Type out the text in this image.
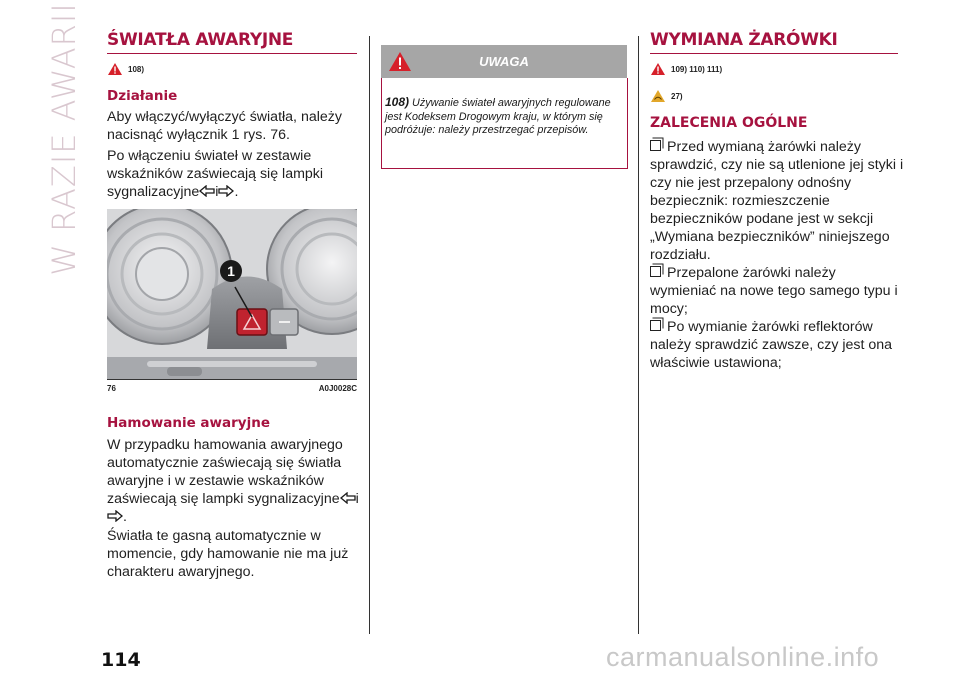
W RAZIE AWARII ŚWIATŁA AWARYJNE
108)
Działanie
Aby włączyć/wyłączyć światła, należy nacisnąć wyłącznik 1 rys. 76.
Po włączeniu świateł w zestawie wskaźników zaświecają się lampki sygnalizacyjne i .
1
76	A0J0028C
Hamowanie awaryjne
W przypadku hamowania awaryjnego automatycznie zaświecają się światła awaryjne i w zestawie wskaźników zaświecają się lampki sygnalizacyjne i
.
Światła te gasną automatycznie w momencie, gdy hamowanie nie ma już charakteru awaryjnego.
UWAGA
108) Używanie świateł awaryjnych regulowane jest Kodeksem Drogowym kraju, w którym się podróżuje: należy przestrzegać przepisów.
WYMIANA ŻARÓWKI
109) 110) 111)
27)
ZALECENIA OGÓLNE
Przed wymianą żarówki należy sprawdzić, czy nie są utlenione jej styki i czy nie jest przepalony odnośny bezpiecznik: rozmieszczenie bezpieczników podane jest w sekcji „Wymiana bezpieczników” niniejszego rozdziału.
Przepalone żarówki należy wymieniać na nowe tego samego typu i mocy;
Po wymianie żarówki reflektorów należy sprawdzić zawsze, czy jest ona właściwie ustawiona;
114	carmanualsonline.info
